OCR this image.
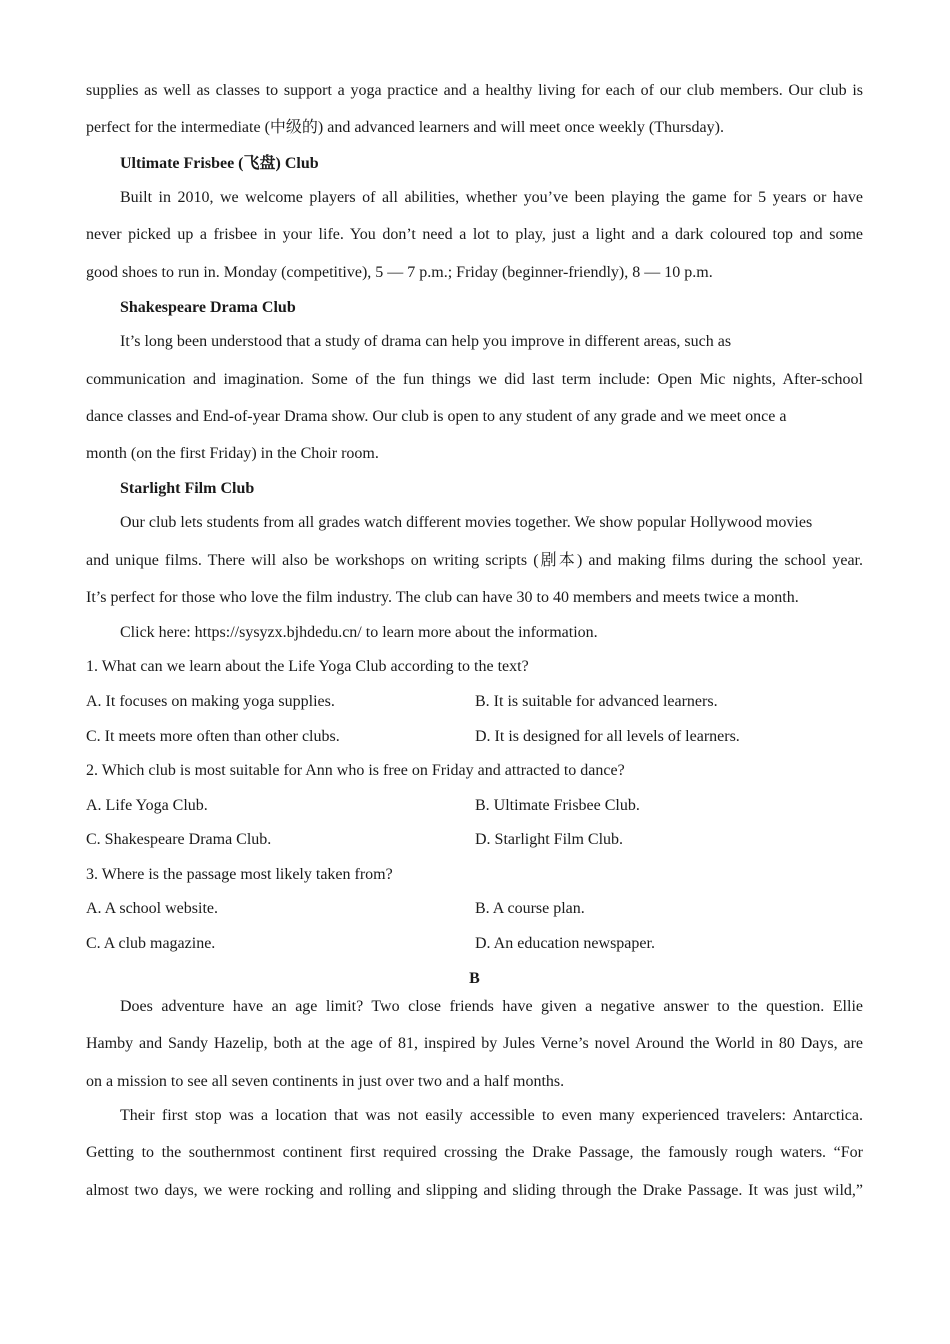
supplies as well as classes to support a yoga practice and a healthy living for each of our club members. Our club is
perfect for the intermediate (中级的) and advanced learners and will meet once weekly (Thursday).
Ultimate Frisbee (飞盘) Club
Built in 2010, we welcome players of all abilities, whether you’ve been playing the game for 5 years or have
never picked up a frisbee in your life. You don’t need a lot to play, just a light and a dark coloured top and some
good shoes to run in. Monday (competitive), 5 — 7 p.m.; Friday (beginner-friendly), 8 — 10 p.m.
Shakespeare Drama Club
It’s long been understood that a study of drama can help you improve in different areas, such as
communication and imagination. Some of the fun things we did last term include: Open Mic nights, After-school
dance classes and End-of-year Drama show. Our club is open to any student of any grade and we meet once a
month (on the first Friday) in the Choir room.
Starlight Film Club
Our club lets students from all grades watch different movies together. We show popular Hollywood movies
and unique films. There will also be workshops on writing scripts (剧本) and making films during the school year.
It’s perfect for those who love the film industry. The club can have 30 to 40 members and meets twice a month.
Click here: https://sysyzx.bjhdedu.cn/ to learn more about the information.
1. What can we learn about the Life Yoga Club according to the text?
A. It focuses on making yoga supplies.	B. It is suitable for advanced learners.
C. It meets more often than other clubs.	D. It is designed for all levels of learners.
2. Which club is most suitable for Ann who is free on Friday and attracted to dance?
A. Life Yoga Club.	B. Ultimate Frisbee Club.
C. Shakespeare Drama Club.	D. Starlight Film Club.
3. Where is the passage most likely taken from?
A. A school website.	B. A course plan.
C. A club magazine.	D. An education newspaper.
B
Does adventure have an age limit? Two close friends have given a negative answer to the question. Ellie
Hamby and Sandy Hazelip, both at the age of 81, inspired by Jules Verne’s novel Around the World in 80 Days, are
on a mission to see all seven continents in just over two and a half months.
Their first stop was a location that was not easily accessible to even many experienced travelers: Antarctica.
Getting to the southernmost continent first required crossing the Drake Passage, the famously rough waters. “For
almost two days, we were rocking and rolling and slipping and sliding through the Drake Passage. It was just wild,”
